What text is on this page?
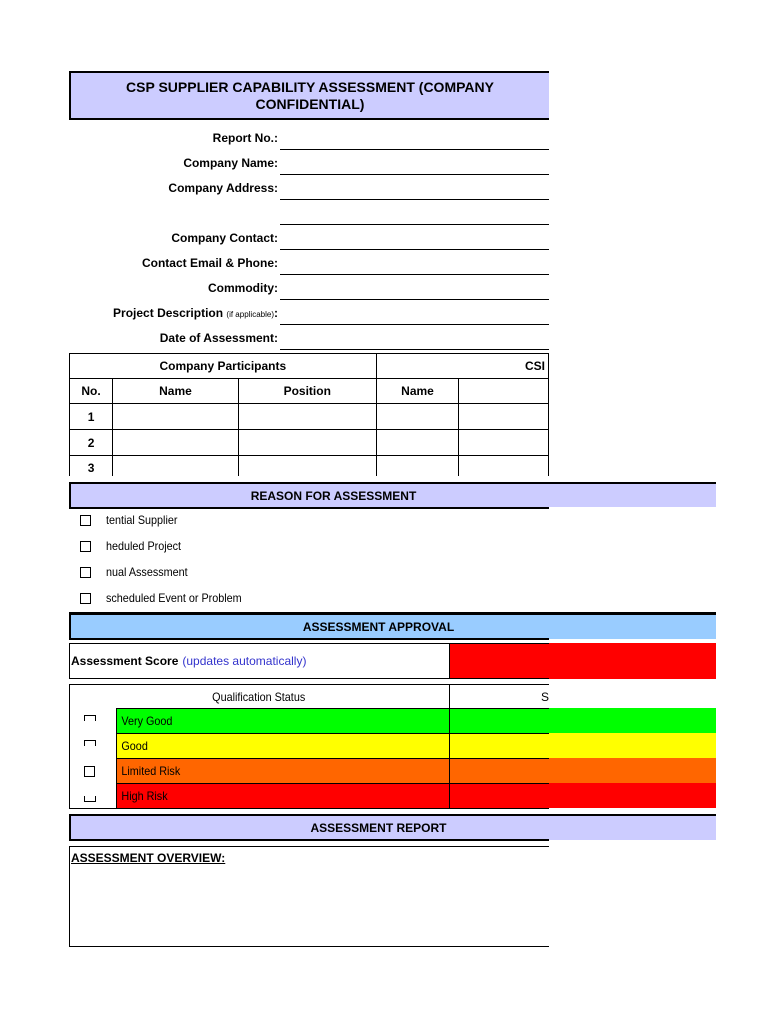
CSP SUPPLIER CAPABILITY ASSESSMENT (COMPANY CONFIDENTIAL)
Report No.:
Company Name:
Company Address:
Company Contact:
Contact Email & Phone:
Commodity:
Project Description (if applicable):
Date of Assessment:
Company Participants			CSI	
No.	Name	Position	Name	
1				
2				
3				
REASON FOR ASSESSMENT
tential Supplier
heduled Project
nual Assessment
scheduled Event or Problem
ASSESSMENT APPROVAL
Assessment Score (updates automatically)
Qualification Status	S
Very Good
Good
Limited Risk
High Risk
ASSESSMENT REPORT
ASSESSMENT OVERVIEW:
